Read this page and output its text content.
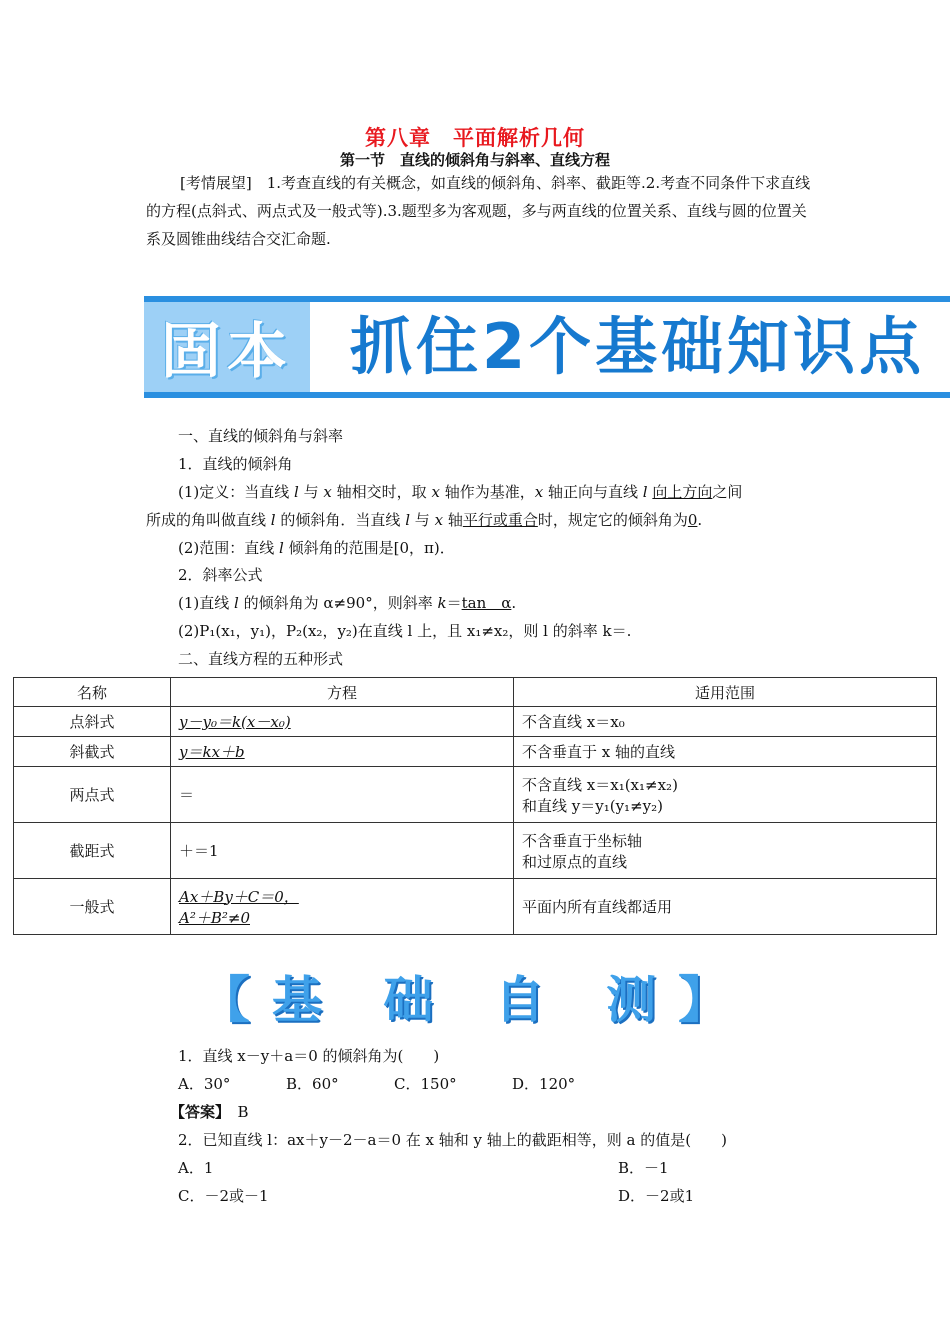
第八章　平面解析几何
第一节　直线的倾斜角与斜率、直线方程
[考情展望]　1.考查直线的有关概念，如直线的倾斜角、斜率、截距等.2.考查不同条件下求直线的方程(点斜式、两点式及一般式等).3.题型多为客观题，多与两直线的位置关系、直线与圆的位置关系及圆锥曲线结合交汇命题.
固本 抓住2个基础知识点
一、直线的倾斜角与斜率
1．直线的倾斜角
(1)定义：当直线 l 与 x 轴相交时，取 x 轴作为基准，x 轴正向与直线 l 向上方向之间
所成的角叫做直线 l 的倾斜角．当直线 l 与 x 轴平行或重合时，规定它的倾斜角为0.
(2)范围：直线 l 倾斜角的范围是[0，π)．
2．斜率公式
(1)直线 l 的倾斜角为 α≠90°，则斜率 k＝tan　α.
(2)P₁(x₁，y₁)，P₂(x₂，y₂)在直线 l 上，且 x₁≠x₂，则 l 的斜率 k＝.
二、直线方程的五种形式
名称	方程	适用范围
点斜式	y－y₀＝k(x－x₀)	不含直线 x＝x₀
斜截式	y＝kx＋b	不含垂直于 x 轴的直线
两点式	＝	不含直线 x＝x₁(x₁≠x₂)
和直线 y＝y₁(y₁≠y₂)

截距式	＋＝1	不含垂直于坐标轴
和过原点的直线

一般式	Ax＋By＋C＝0，
A²＋B²≠0	平面内所有直线都适用
【基 础 自 测】
1．直线 x－y＋a＝0 的倾斜角为(　　)
A．30°	B．60°	C．150°	D．120°
【答案】　 B
2．已知直线 l：ax＋y－2－a＝0 在 x 轴和 y 轴上的截距相等，则 a 的值是(　　)
A．1	B．－1
C．－2或－1	D．－2或1
